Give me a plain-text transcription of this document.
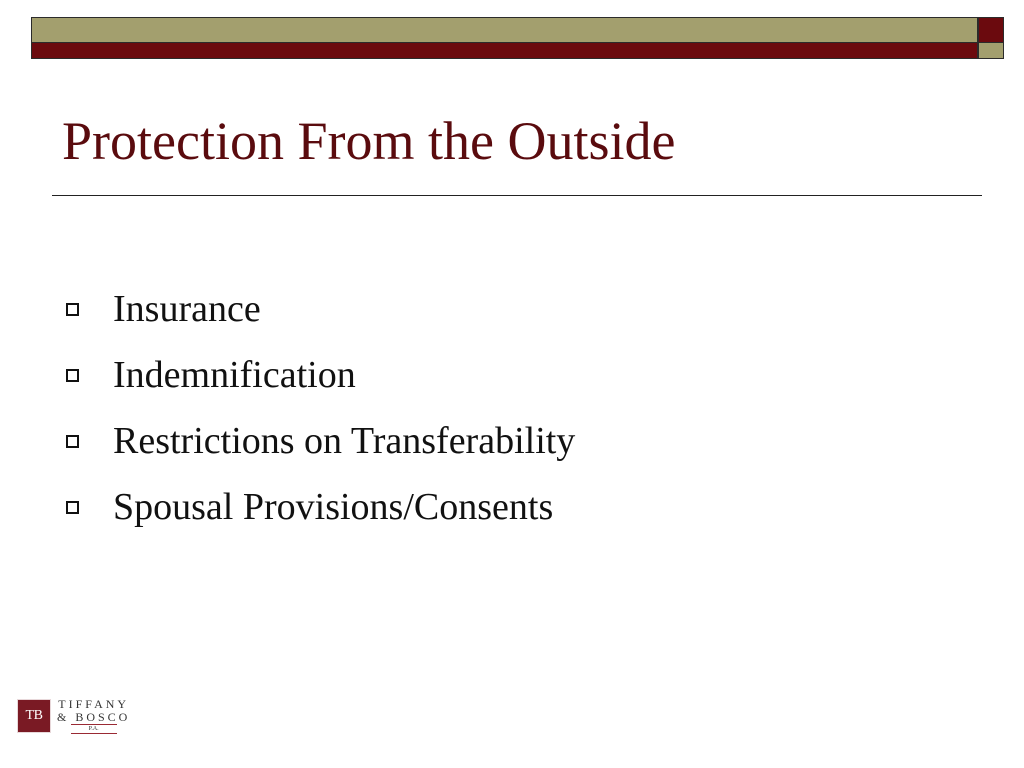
Protection From the Outside
Insurance
Indemnification
Restrictions on Transferability
Spousal Provisions/Consents
TB
TIFFANY
& BOSCO
P.A.
